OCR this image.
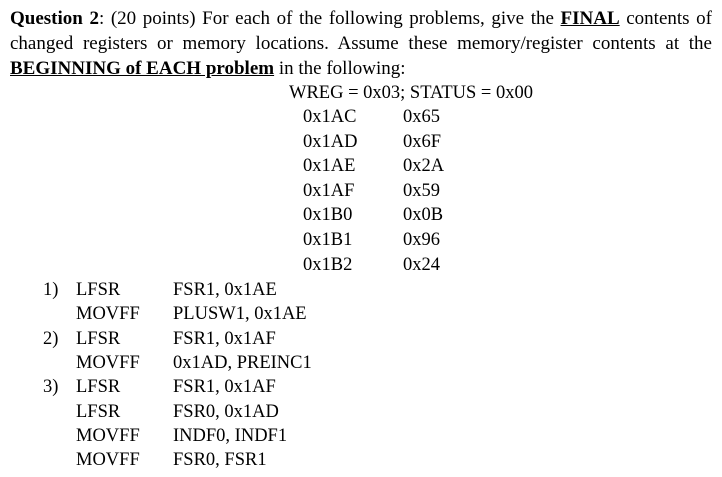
Question 2: (20 points) For each of the following problems, give the FINAL contents of changed registers or memory locations. Assume these memory/register contents at the BEGINNING of EACH problem in the following:

WREG = 0x03; STATUS = 0x00
0x1AC	0x65
0x1AD 0x6F
0x1AE	0x2A
0x1AF	0x59
0x1B0	0x0B
0x1B1	0x96
0x1B2	0x24
1) LFSR	FSR1, 0x1AE
MOVFF PLUSW1, 0x1AE
2) LFSR	FSR1, 0x1AF
MOVFF 0x1AD, PREINC1
3) LFSR	FSR1, 0x1AF
LFSR	FSR0, 0x1AD
MOVFF INDF0, INDF1
MOVFF FSR0, FSR1
